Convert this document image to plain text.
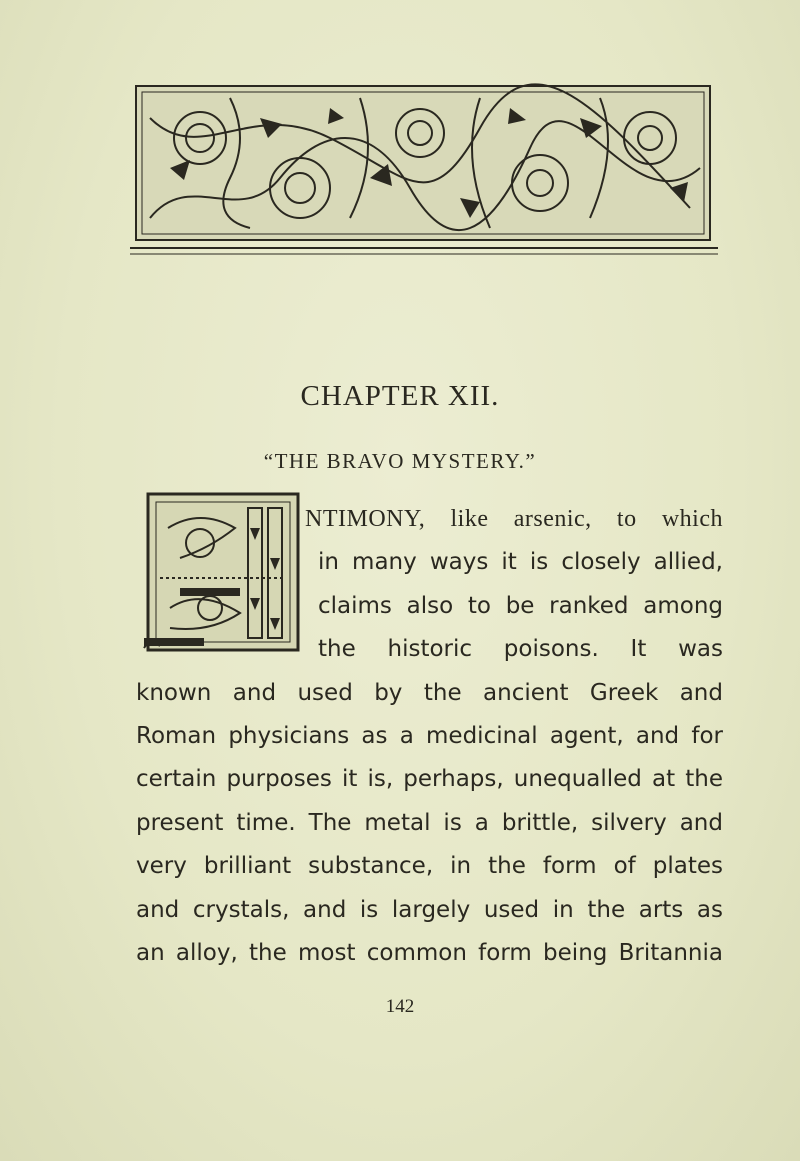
CHAPTER XII.
“THE BRAVO MYSTERY.”
NTIMONY, like arsenic, to which
in many ways it is closely allied,
claims also to be ranked among
the historic poisons. It was
known and used by the ancient Greek and
Roman physicians as a medicinal agent, and for
certain purposes it is, perhaps, unequalled at the
present time. The metal is a brittle, silvery and
very brilliant substance, in the form of plates
and crystals, and is largely used in the arts as
an alloy, the most common form being Britannia
142
